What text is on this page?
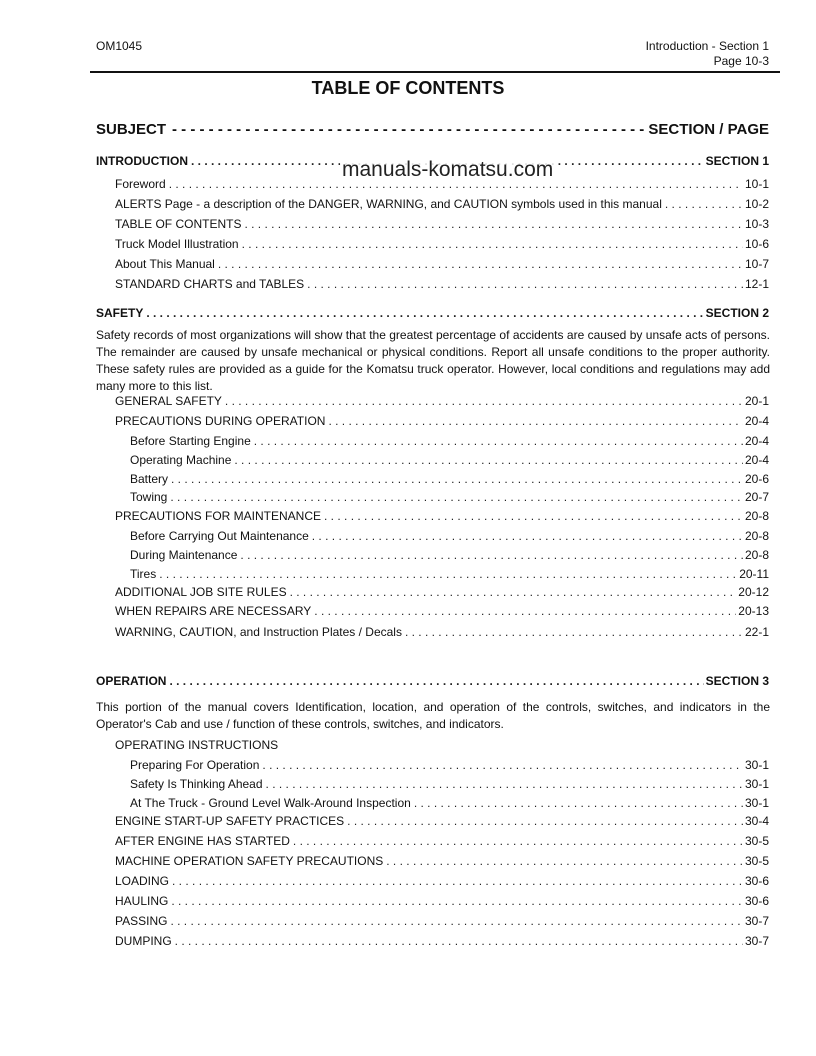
OM1045	Introduction - Section 1
Page 10-3
TABLE OF CONTENTS
SUBJECT - - -	SECTION / PAGE
INTRODUCTION . . .	SECTION 1
Foreword . . .	10-1
ALERTS Page - a description of the DANGER, WARNING, and CAUTION symbols used in this manual . . .	10-2
TABLE OF CONTENTS . . .	10-3
Truck Model Illustration . . .	10-6
About This Manual . . .	10-7
STANDARD CHARTS and TABLES . . .	12-1
SAFETY . . .	SECTION 2
Safety records of most organizations will show that the greatest percentage of accidents are caused by unsafe acts of persons. The remainder are caused by unsafe mechanical or physical conditions. Report all unsafe conditions to the proper authority. These safety rules are provided as a guide for the Komatsu truck operator. However, local conditions and regulations may add many more to this list.
GENERAL SAFETY . . .	20-1
PRECAUTIONS DURING OPERATION . . .	20-4
Before Starting Engine . . .	20-4
Operating Machine . . .	20-4
Battery . . .	20-6
Towing . . .	20-7
PRECAUTIONS FOR MAINTENANCE . . .	20-8
Before Carrying Out Maintenance . . .	20-8
During Maintenance . . .	20-8
Tires . . .	20-11
ADDITIONAL JOB SITE RULES . . .	20-12
WHEN REPAIRS ARE NECESSARY . . .	20-13
WARNING, CAUTION, and Instruction Plates / Decals . . .	22-1
OPERATION . . .	SECTION 3
This portion of the manual covers Identification, location, and operation of the controls, switches, and indicators in the Operator's Cab and use / function of these controls, switches, and indicators.
OPERATING INSTRUCTIONS
Preparing For Operation . . .	30-1
Safety Is Thinking Ahead . . .	30-1
At The Truck - Ground Level Walk-Around Inspection . . .	30-1
ENGINE START-UP SAFETY PRACTICES . . .	30-4
AFTER ENGINE HAS STARTED . . .	30-5
MACHINE OPERATION SAFETY PRECAUTIONS . . .	30-5
LOADING . . .	30-6
HAULING . . .	30-6
PASSING . . .	30-7
DUMPING . . .	30-7
manuals-komatsu.com
